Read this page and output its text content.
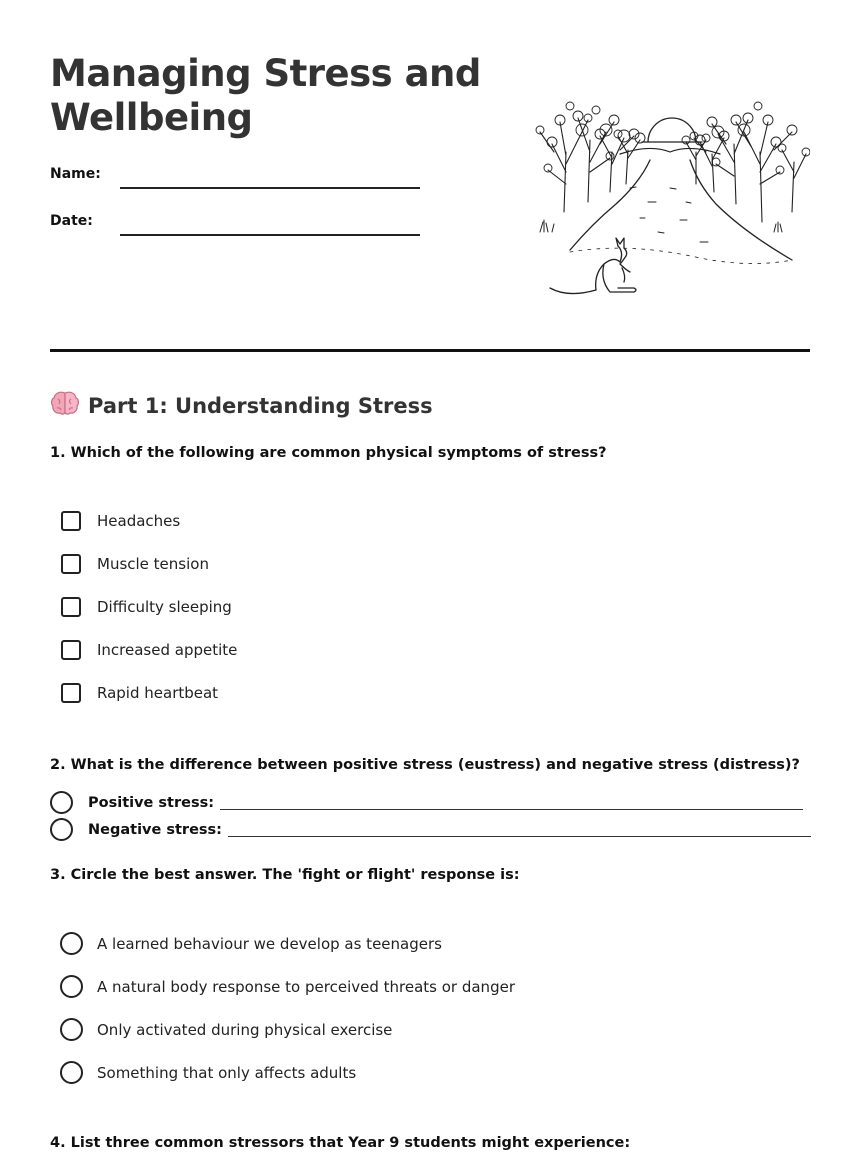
Managing Stress and Wellbeing
Name:
Date:
Part 1: Understanding Stress
1. Which of the following are common physical symptoms of stress?
Headaches
Muscle tension
Difficulty sleeping
Increased appetite
Rapid heartbeat
2. What is the difference between positive stress (eustress) and negative stress (distress)?
Positive stress:
Negative stress:
3. Circle the best answer. The 'fight or flight' response is:
A learned behaviour we develop as teenagers
A natural body response to perceived threats or danger
Only activated during physical exercise
Something that only affects adults
4. List three common stressors that Year 9 students might experience:
